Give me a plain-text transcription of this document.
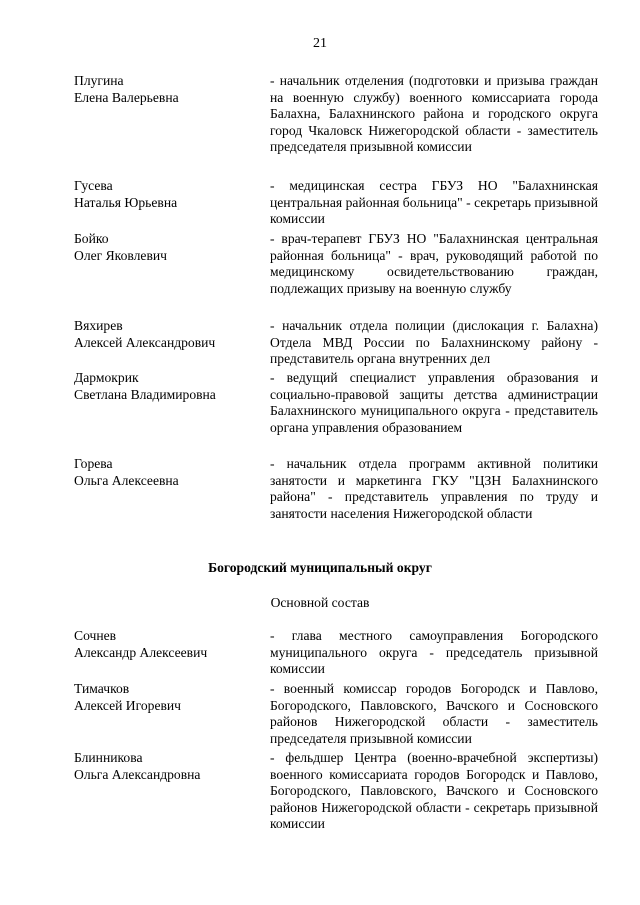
21
Плугина
Елена Валерьевна
- начальник отделения (подготовки и призыва граждан на военную службу) военного комиссариата города Балахна, Балахнинского района и городского округа город Чкаловск Нижегородской области - заместитель председателя призывной комиссии
Гусева
Наталья Юрьевна
- медицинская сестра ГБУЗ НО "Балахнинская центральная районная больница" - секретарь призывной комиссии
Бойко
Олег Яковлевич
- врач-терапевт ГБУЗ НО "Балахнинская центральная районная больница" - врач, руководящий работой по медицинскому освидетельствованию граждан, подлежащих призыву на военную службу
Вяхирев
Алексей Александрович
- начальник отдела полиции (дислокация г. Балахна) Отдела МВД России по Балахнинскому району - представитель органа внутренних дел
Дармокрик
Светлана Владимировна
- ведущий специалист управления образования и социально-правовой защиты детства администрации Балахнинского муниципального округа - представитель органа управления образованием
Горева
Ольга Алексеевна
- начальник отдела программ активной политики занятости и маркетинга ГКУ "ЦЗН Балахнинского района" - представитель управления по труду и занятости населения Нижегородской области
Богородский муниципальный округ
Основной состав
Сочнев
Александр Алексеевич
- глава местного самоуправления Богородского муниципального округа - председатель призывной комиссии
Тимачков
Алексей Игоревич
- военный комиссар городов Богородск и Павлово, Богородского, Павловского, Вачского и Сосновского районов Нижегородской области - заместитель председателя призывной комиссии
Блинникова
Ольга Александровна
- фельдшер Центра (военно-врачебной экспертизы) военного комиссариата городов Богородск и Павлово, Богородского, Павловского, Вачского и Сосновского районов Нижегородской области - секретарь призывной комиссии
